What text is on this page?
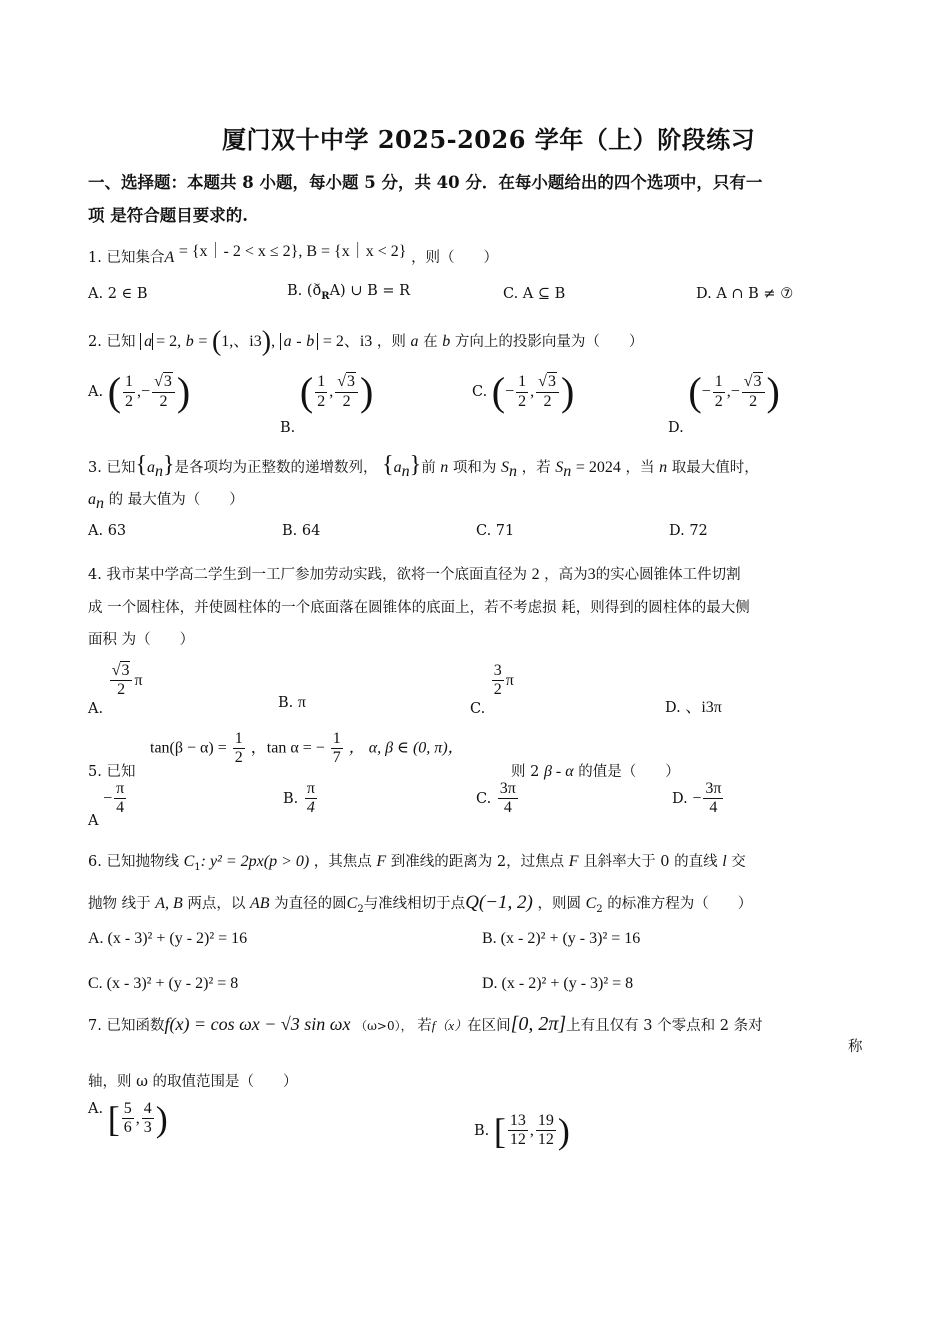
厦门双十中学 2025-2026 学年（上）阶段练习
一、选择题：本题共 8 小题，每小题 5 分，共 40 分．在每小题给出的四个选项中，只有一
项 是符合题目要求的.
1. 已知集合A = {x｜- 2 < x ≤ 2}, B = {x｜x < 2} ，则（　　）
A. 2 ∈ B	B. $(ð_RA)$ ∪ B = R	C. A ⊆ B	D. A ∩ B ≠ ⑦
2. 已知 a = 2, b = (1,、i3), a - b = 2、i3 ，则 a 在 b 方向上的投影向量为（　　）
A. ( $\frac{1}{2}$ ,− $\frac{√3}{2}$ )
B. ( $\frac{1}{2}$ , $\frac{√3}{2}$ )	C. (− $\frac{1}{2}$ , $\frac{√3}{2}$ )
D. (− $\frac{1}{2}$ ,− $\frac{√3}{2}$ )
3. 已知$\{a_n\}$是各项均为正整数的递增数列， $\{a_n\}$前 n 项和为 $S_n$ ，若 $S_n = 2024$ ，当 n 取最大值时，
$a_n$ 的 最大值为（　　）
A. 63	B. 64	C. 71	D. 72
4. 我市某中学高二学生到一工厂参加劳动实践，欲将一个底面直径为 2 ，高为3的实心圆锥体工件切割
成 一个圆柱体，并使圆柱体的一个底面落在圆锥体的底面上，若不考虑损 耗，则得到的圆柱体的最大侧
面积 为（　　）
A.
$\frac{√3}{2}$ π
B. π	C.
$\frac{3}{2}$ π
D. 、i3π
5. 已知
$\tan(\beta - \alpha) = \frac{1}{2}$ ，tan α = − $\frac{1}{7}$ ， α, β ∈ (0, π)，
则 2 β - α 的值是（　　）
$A - \frac{\pi}{4}$	B. $\frac{\pi}{4}$	C. $\frac{3\pi}{4}$	D. − $\frac{3\pi}{4}$
6. 已知抛物线 $C_1$: y² = 2px(p > 0) ，其焦点 F 到准线的距离为 2，过焦点 F 且斜率大于 0 的直线 l 交
抛物 线于 A, B 两点，以 AB 为直径的圆$C_2$与准线相切于点Q(−1, 2) ，则圆 $C_2$ 的标准方程为（　　）
A. (x - 3)² + (y - 2)² = 16	B. (x - 2)² + (y - 3)² = 16
C. (x - 3)² + (y - 2)² = 8	D. (x - 2)² + (y - 3)² = 8
7. 已知函数f(x) = cos ωx − √3 sin ωx （ω>0）， 若f（x）在区间[0, 2π]上有且仅有 3 个零点和 2 条对
称
轴，则 ω 的取值范围是（　　）
A. [ $\frac{5}{6}$ , $\frac{4}{3}$ )	B. [ $\frac{13}{12}$ , $\frac{19}{12}$ )
